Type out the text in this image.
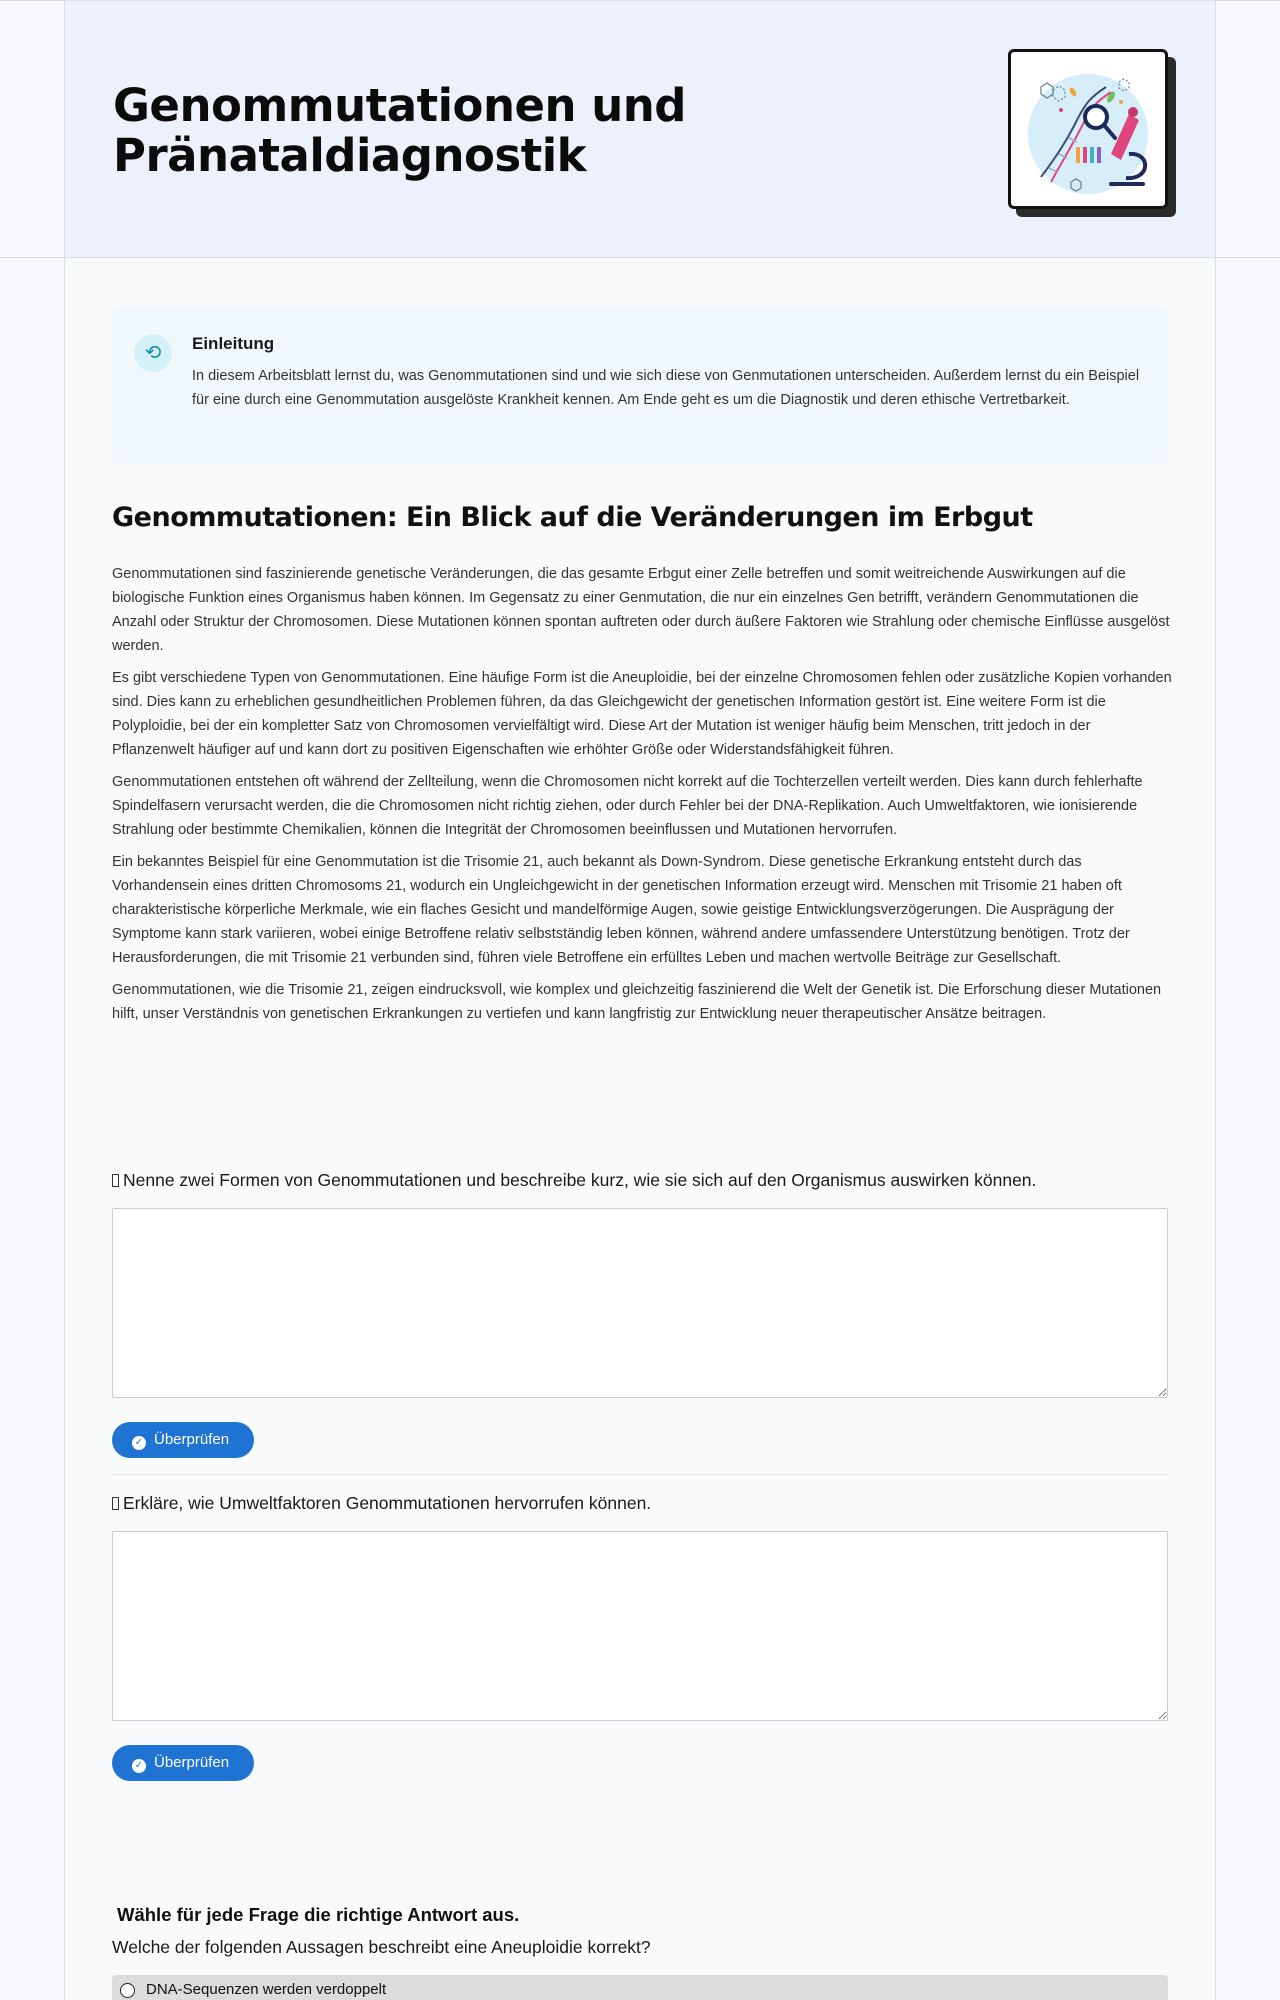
Genommutationen und Pränataldiagnostik
⟲	Einleitung
In diesem Arbeitsblatt lernst du, was Genommutationen sind und wie sich diese von Genmutationen unterscheiden. Außerdem lernst du ein Beispiel für eine durch eine Genommutation ausgelöste Krankheit kennen. Am Ende geht es um die Diagnostik und deren ethische Vertretbarkeit.
Genommutationen: Ein Blick auf die Veränderungen im Erbgut

Genommutationen sind faszinierende genetische Veränderungen, die das gesamte Erbgut einer Zelle betreffen und somit weitreichende Auswirkungen auf die biologische Funktion eines Organismus haben können. Im Gegensatz zu einer Genmutation, die nur ein einzelnes Gen betrifft, verändern Genommutationen die Anzahl oder Struktur der Chromosomen. Diese Mutationen können spontan auftreten oder durch äußere Faktoren wie Strahlung oder chemische Einflüsse ausgelöst werden.

Es gibt verschiedene Typen von Genommutationen. Eine häufige Form ist die Aneuploidie, bei der einzelne Chromosomen fehlen oder zusätzliche Kopien vorhanden sind. Dies kann zu erheblichen gesundheitlichen Problemen führen, da das Gleichgewicht der genetischen Information gestört ist. Eine weitere Form ist die Polyploidie, bei der ein kompletter Satz von Chromosomen vervielfältigt wird. Diese Art der Mutation ist weniger häufig beim Menschen, tritt jedoch in der Pflanzenwelt häufiger auf und kann dort zu positiven Eigenschaften wie erhöhter Größe oder Widerstandsfähigkeit führen.

Genommutationen entstehen oft während der Zellteilung, wenn die Chromosomen nicht korrekt auf die Tochterzellen verteilt werden. Dies kann durch fehlerhafte Spindelfasern verursacht werden, die die Chromosomen nicht richtig ziehen, oder durch Fehler bei der DNA-Replikation. Auch Umweltfaktoren, wie ionisierende Strahlung oder bestimmte Chemikalien, können die Integrität der Chromosomen beeinflussen und Mutationen hervorrufen.

Ein bekanntes Beispiel für eine Genommutation ist die Trisomie 21, auch bekannt als Down-Syndrom. Diese genetische Erkrankung entsteht durch das Vorhandensein eines dritten Chromosoms 21, wodurch ein Ungleichgewicht in der genetischen Information erzeugt wird. Menschen mit Trisomie 21 haben oft charakteristische körperliche Merkmale, wie ein flaches Gesicht und mandelförmige Augen, sowie geistige Entwicklungsverzögerungen. Die Ausprägung der Symptome kann stark variieren, wobei einige Betroffene relativ selbstständig leben können, während andere umfassendere Unterstützung benötigen. Trotz der Herausforderungen, die mit Trisomie 21 verbunden sind, führen viele Betroffene ein erfülltes Leben und machen wertvolle Beiträge zur Gesellschaft.

Genommutationen, wie die Trisomie 21, zeigen eindrucksvoll, wie komplex und gleichzeitig faszinierend die Welt der Genetik ist. Die Erforschung dieser Mutationen hilft, unser Verständnis von genetischen Erkrankungen zu vertiefen und kann langfristig zur Entwicklung neuer therapeutischer Ansätze beitragen.

Nenne zwei Formen von Genommutationen und beschreibe kurz, wie sie sich auf den Organismus auswirken können.
✓ Überprüfen
Erkläre, wie Umweltfaktoren Genommutationen hervorrufen können.
✓ Überprüfen
Wähle für jede Frage die richtige Antwort aus.
Welche der folgenden Aussagen beschreibt eine Aneuploidie korrekt?
DNA-Sequenzen werden verdoppelt
